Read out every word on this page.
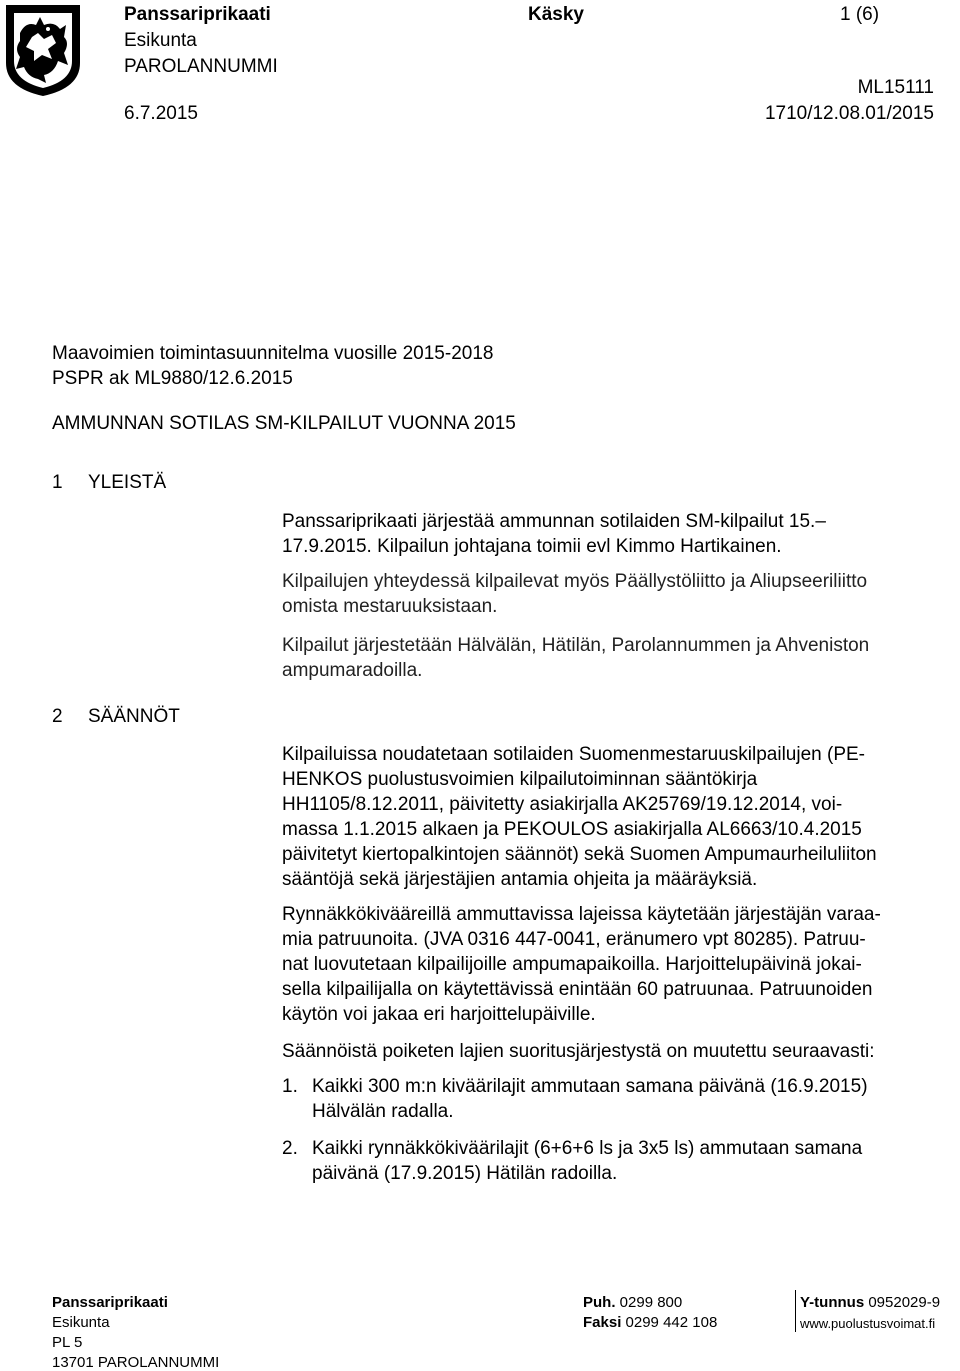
Panssariprikaati
Esikunta
PAROLANNUMMI
Käsky	1 (6)
ML15111
6.7.2015	1710/12.08.01/2015
Maavoimien toimintasuunnitelma vuosille 2015-2018
PSPR ak ML9880/12.6.2015
AMMUNNAN SOTILAS SM-KILPAILUT VUONNA 2015
1 YLEISTÄ
Panssariprikaati järjestää ammunnan sotilaiden SM-kilpailut 15.–
17.9.2015. Kilpailun johtajana toimii evl Kimmo Hartikainen.
Kilpailujen yhteydessä kilpailevat myös Päällystöliitto ja Aliupseeriliitto
omista mestaruuksistaan.
Kilpailut järjestetään Hälvälän, Hätilän, Parolannummen ja Ahveniston
ampumaradoilla.
2 SÄÄNNÖT
Kilpailuissa noudatetaan sotilaiden Suomenmestaruuskilpailujen (PE-
HENKOS puolustusvoimien kilpailutoiminnan sääntökirja
HH1105/8.12.2011, päivitetty asiakirjalla AK25769/19.12.2014, voi-
massa 1.1.2015 alkaen ja PEKOULOS asiakirjalla AL6663/10.4.2015
päivitetyt kiertopalkintojen säännöt) sekä Suomen Ampumaurheiluliiton
sääntöjä sekä järjestäjien antamia ohjeita ja määräyksiä.
Rynnäkkökivääreillä ammuttavissa lajeissa käytetään järjestäjän varaa-
mia patruunoita. (JVA 0316 447-0041, eränumero vpt 80285). Patruu-
nat luovutetaan kilpailijoille ampumapaikoilla. Harjoittelupäivinä jokai-
sella kilpailijalla on käytettävissä enintään 60 patruunaa. Patruunoiden
käytön voi jakaa eri harjoittelupäiville.
Säännöistä poiketen lajien suoritusjärjestystä on muutettu seuraavasti:
1. Kaikki 300 m:n kiväärilajit ammutaan samana päivänä (16.9.2015)
Hälvälän radalla.
2. Kaikki rynnäkkökiväärilajit (6+6+6 ls ja 3x5 ls) ammutaan samana
päivänä (17.9.2015) Hätilän radoilla.
Panssariprikaati
Esikunta
PL 5
13701 PAROLANNUMMI
Puh. 0299 800
Faksi 0299 442 108
Y-tunnus 0952029-9
www.puolustusvoimat.fi
